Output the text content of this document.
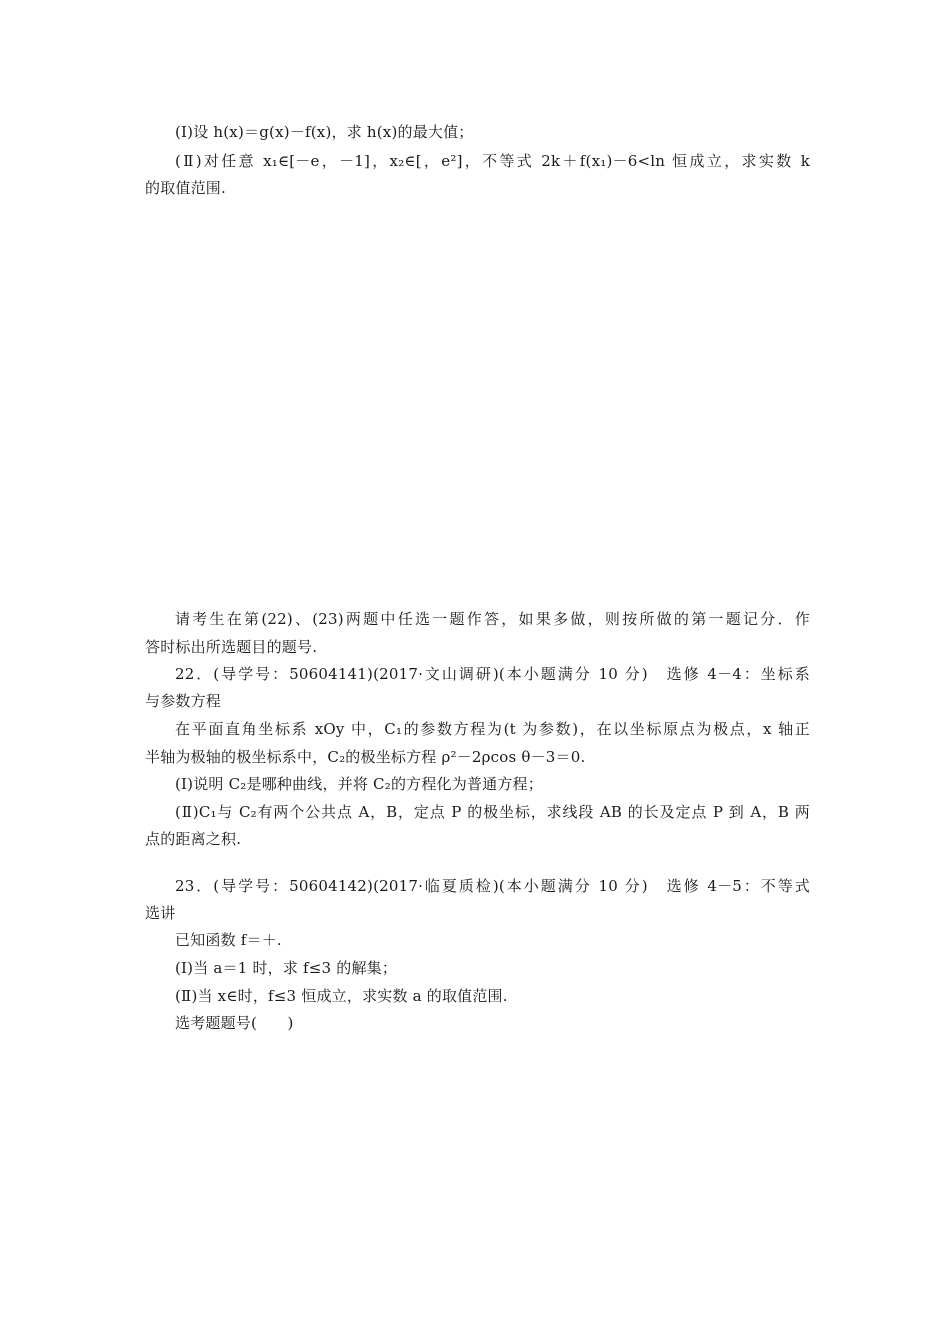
(Ⅰ)设 h(x)＝g(x)－f(x)，求 h(x)的最大值；
(Ⅱ)对任意 x₁∈[－e，－1]，x₂∈[，e²]，不等式 2k＋f(x₁)－6<ln 恒成立，求实数 k
的取值范围.
请考生在第(22)、(23)两题中任选一题作答，如果多做，则按所做的第一题记分．作
答时标出所选题目的题号.
22．(导学号：50604141)(2017·文山调研)(本小题满分 10 分)　选修 4－4：坐标系
与参数方程
在平面直角坐标系 xOy 中，C₁的参数方程为(t 为参数)，在以坐标原点为极点，x 轴正
半轴为极轴的极坐标系中，C₂的极坐标方程 ρ²－2ρcos θ－3＝0.
(Ⅰ)说明 C₂是哪种曲线，并将 C₂的方程化为普通方程；
(Ⅱ)C₁与 C₂有两个公共点 A，B，定点 P 的极坐标，求线段 AB 的长及定点 P 到 A，B 两
点的距离之积.
23．(导学号：50604142)(2017·临夏质检)(本小题满分 10 分)　选修 4－5：不等式
选讲
已知函数 f＝＋.
(Ⅰ)当 a＝1 时，求 f≤3 的解集；
(Ⅱ)当 x∈时，f≤3 恒成立，求实数 a 的取值范围.
选考题题号(　　)
